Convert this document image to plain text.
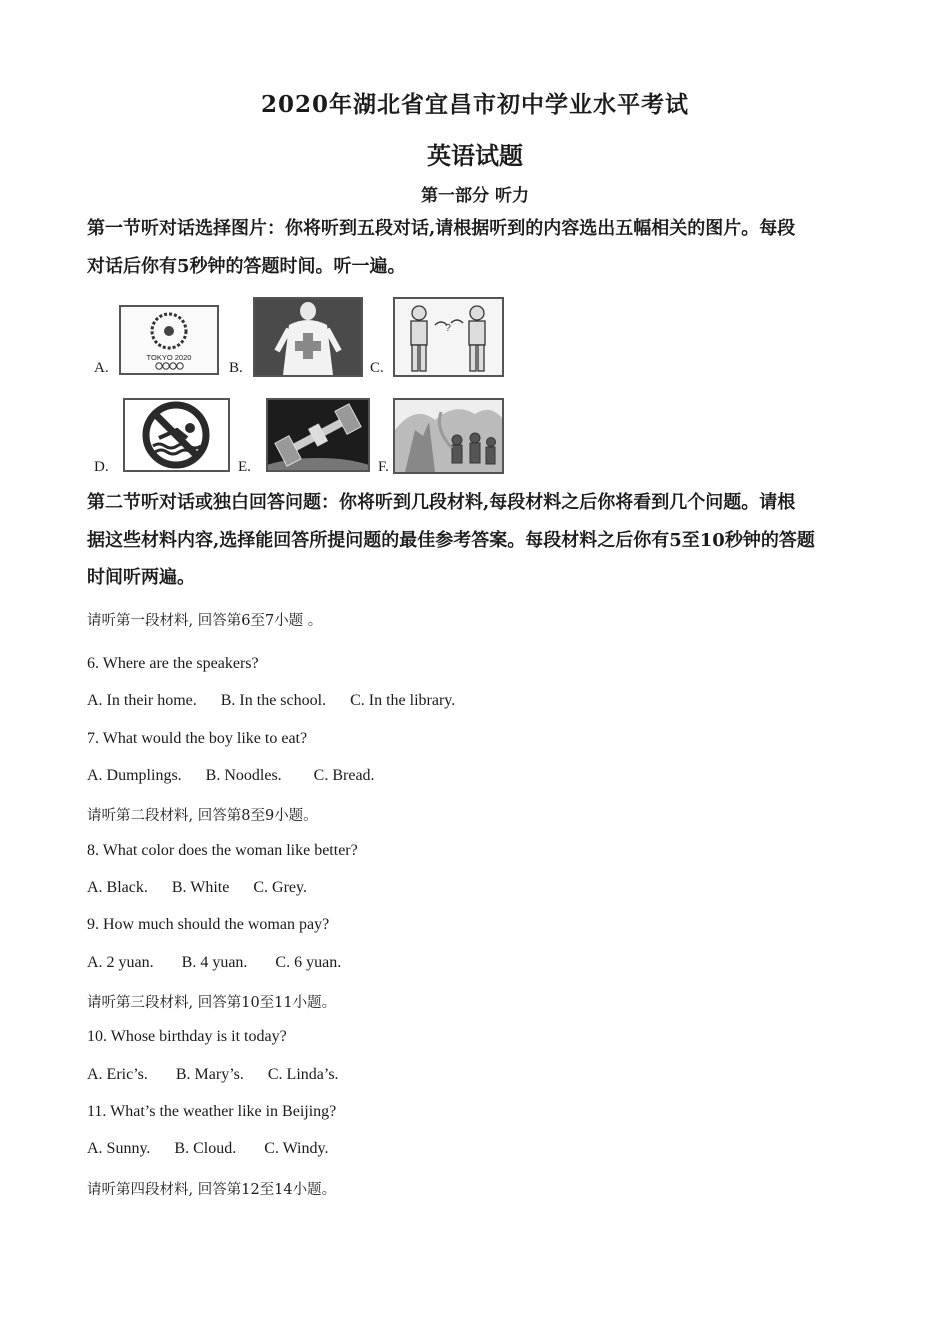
2020年湖北省宜昌市初中学业水平考试
英语试题
第一部分 听力
第一节听对话选择图片：你将听到五段对话,请根据听到的内容选出五幅相关的图片。每段
对话后你有5秒钟的答题时间。听一遍。
A.
TOKYO 2020
B.	C.
?
D.	E.	F.
第二节听对话或独白回答问题：你将听到几段材料,每段材料之后你将看到几个问题。请根
据这些材料内容,选择能回答所提问题的最佳参考答案。每段材料之后你有5至10秒钟的答题
时间听两遍。
请听第一段材料, 回答第6至7小题 。
6. Where are the speakers?
A. In their home.      B. In the school.      C. In the library.
7. What would the boy like to eat?
A. Dumplings.      B. Noodles.        C. Bread.
请听第二段材料, 回答第8至9小题。
8. What color does the woman like better?
A. Black.      B. White      C. Grey.
9. How much should the woman pay?
A. 2 yuan.       B. 4 yuan.       C. 6 yuan.
请听第三段材料, 回答第10至11小题。
10. Whose birthday is it today?
A. Eric’s.       B. Mary’s.      C. Linda’s.
11. What’s the weather like in Beijing?
A. Sunny.      B. Cloud.       C. Windy.
请听第四段材料, 回答第12至14小题。
